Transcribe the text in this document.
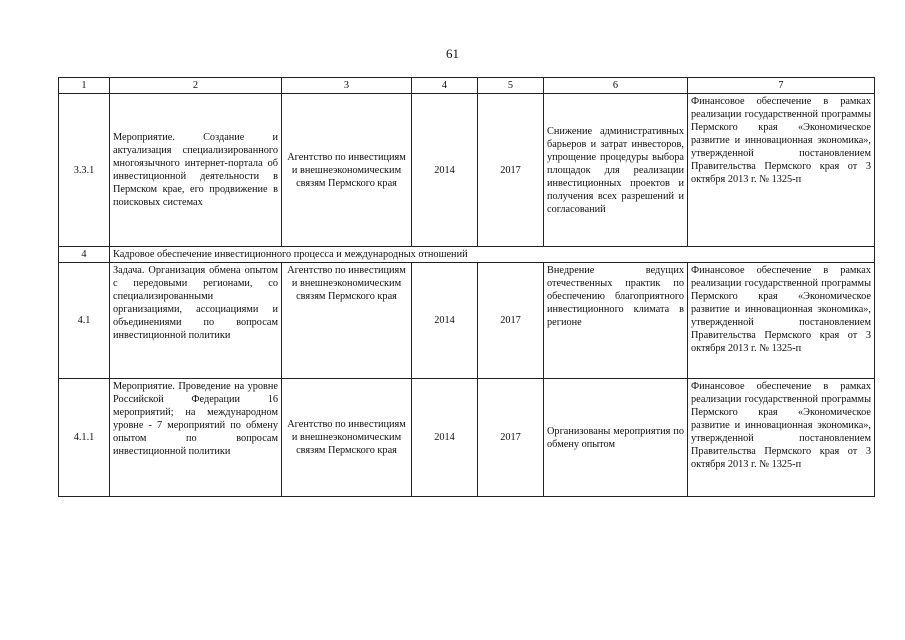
61
1	2	3	4	5	6	7
3.3.1	Мероприятие. Создание и актуализация специализированного многоязычного интернет-портала об инвестиционной деятельности в Пермском крае, его продвижение в поисковых системах	Агентство по инвестициям и внешнеэкономическим связям Пермского края	2014	2017	Снижение административных барьеров и затрат инвесторов, упрощение процедуры выбора площадок для реализации инвестиционных проектов и получения всех разрешений и согласований	Финансовое обеспечение в рамках реализации государственной программы Пермского края «Экономическое развитие и инновационная экономика», утвержденной постановлением Правительства Пермского края от 3 октября 2013 г. № 1325-п
4	Кадровое обеспечение инвестиционного процесса и международных отношений					
4.1	Задача. Организация обмена опытом с передовыми регионами, со специализированными организациями, ассоциациями и объединениями по вопросам инвестиционной политики	Агентство по инвестициям и внешнеэкономическим связям Пермского края	2014	2017	Внедрение ведущих отечественных практик по обеспечению благоприятного инвестиционного климата в регионе	Финансовое обеспечение в рамках реализации государственной программы Пермского края «Экономическое развитие и инновационная экономика», утвержденной постановлением Правительства Пермского края от 3 октября 2013 г. № 1325-п
4.1.1	Мероприятие. Проведение на уровне Российской Федерации 16 мероприятий; на международном уровне - 7 мероприятий по обмену опытом по вопросам инвестиционной политики	Агентство по инвестициям и внешнеэкономическим связям Пермского края	2014	2017	Организованы мероприятия по обмену опытом	Финансовое обеспечение в рамках реализации государственной программы Пермского края «Экономическое развитие и инновационная экономика», утвержденной постановлением Правительства Пермского края от 3 октября 2013 г. № 1325-п
